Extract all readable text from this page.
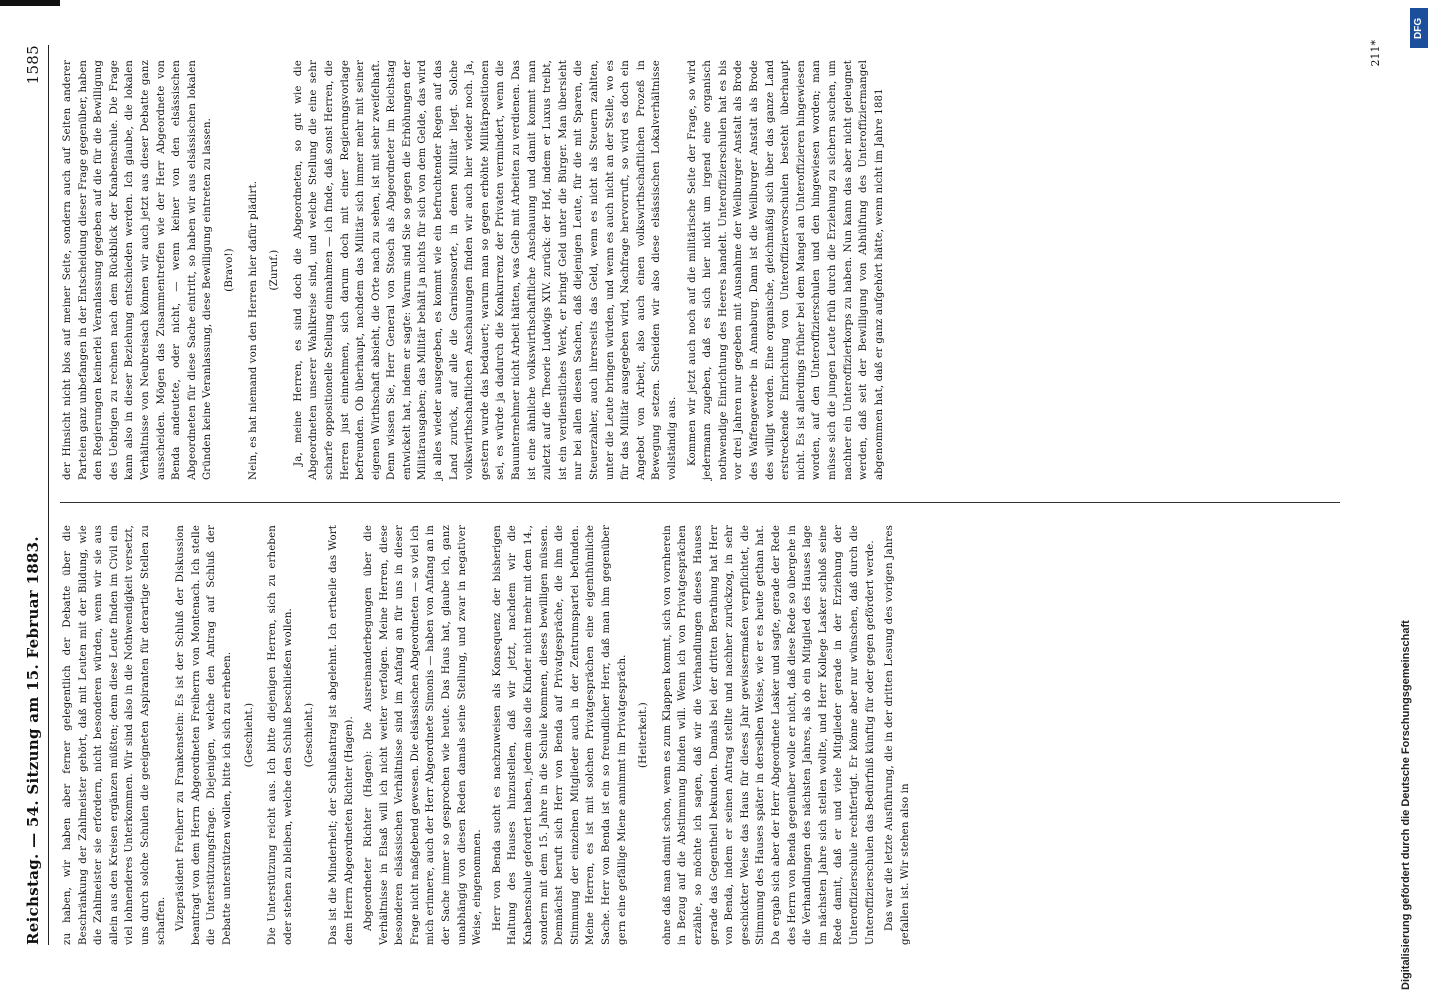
Reichstag. — 54. Sitzung am 15. Februar 1883.
1585

zu haben, wir haben aber ferner gelegentlich der Debatte über die Beschränkung der Zahlmeister gehört, daß mit Leuten mit der Bildung, wie die Zahlmeister sie erfordern, nicht besonderen würden, wenn wir sie aus allein aus den Kreisen ergänzen müßten; denn diese Leute finden im Civil ein viel lohnenderes Unterkommen. Wir sind also in die Nothwendigkeit versetzt, uns durch solche Schulen die geeigneten Aspiranten für derartige Stellen zu schaffen. Vizepräsident Freiherr zu Frankenstein: Es ist der Schluß der Diskussion beantragt von dem Herrn Abgeordneten Freiherrn von Montenach. Ich stelle die Unterstützungsfrage. Diejenigen, welche den Antrag auf Schluß der Debatte unterstützen wollen, bitte ich sich zu erheben. (Geschieht.) Die Unterstützung reicht aus. Ich bitte diejenigen Herren, sich zu erheben oder stehen zu bleiben, welche den Schluß beschließen wollen. (Geschieht.) Das ist die Minderheit; der Schlußantrag ist abgelehnt. Ich ertheile das Wort dem Herrn Abgeordneten Richter (Hagen). Abgeordneter Richter (Hagen): Die Ausreinanderbegungen über die Verhältnisse in Elsaß will ich nicht weiter verfolgen. Meine Herren, diese besonderen elsässischen Verhältnisse sind im Anfang an für uns in dieser Frage nicht maßgebend gewesen. Die elsässischen Abgeordneten — so viel ich mich erinnere, auch der Herr Abgeordnete Simonis — haben von Anfang an in der Sache immer so gesprochen wie heute. Das Haus hat, glaube ich, ganz unabhängig von diesen Reden damals seine Stellung, und zwar in negativer Weise, eingenommen. Herr von Benda sucht es nachzuweisen als Konsequenz der bisherigen Haltung des Hauses hinzustellen, daß wir jetzt, nachdem wir die Knabenschule gefordert haben, jedem also die Kinder nicht mehr mit dem 14., sondern mit dem 15. Jahre in die Schule kommen, dieses bewilligen müssen. Demnächst beruft sich Herr von Benda auf Privatgespräche, die ihm die Stimmung der einzelnen Mitglieder auch in der Zentrumspartei befunden. Meine Herren, es ist mit solchen Privatgesprächen eine eigenthümliche Sache. Herr von Benda ist ein so freundlicher Herr, daß man ihm gegenüber gern eine gefällige Miene annimmt im Privatgespräch. (Heiterkeit.) ohne daß man damit schon, wenn es zum Klappen kommt, sich von vornherein in Bezug auf die Abstimmung binden will. Wenn ich von Privatgesprächen erzähle, so möchte ich sagen, daß wir die Verhandlungen dieses Hauses gerade das Gegentheil bekunden. Damals bei der dritten Berathung hat Herr von Benda, indem er seinen Antrag stellte und nachher zurückzog, in sehr geschickter Weise das Haus für dieses Jahr gewissermaßen verpflichtet, die Stimmung des Hauses später in derselben Weise, wie er es heute gethan hat. Da ergab sich aber der Herr Abgeordnete Lasker und sagte, gerade der Rede des Herrn von Benda gegenüber wolle er nicht, daß diese Rede so übergehe in die Verhandlungen des nächsten Jahres, als ob ein Mitglied des Hauses lage im nächsten Jahre sich stellen wollte, und Herr Kollege Lasker schloß seine Rede damit, daß er und viele Mitglieder gerade in der Erziehung der Unteroffizierschule rechtfertigt. Er könne aber nur wünschen, daß durch die Unteroffizierschulen das Bedürfniß künftig für oder gegen gefördert werde. Das war die letzte Ausführung, die in der dritten Lesung des vorigen Jahres gefallen ist. Wir stehen also in

der Hinsicht nicht blos auf meiner Seite, sondern auch auf Seiten anderer Parteien ganz unbefangen in der Entscheidung dieser Frage gegenüber, haben den Regierungen keinerlei Veranlassung gegeben auf die für die Bewilligung des Uebrigen zu rechnen nach dem Rückblick der Knabenschule. Die Frage kann also in dieser Beziehung entschieden werden. Ich glaube, die lokalen Verhältnisse von Neubreisach können wir auch jetzt aus dieser Debatte ganz ausscheiden. Mögen das Zusammentreffen wie der Herr Abgeordnete von Benda andeutete, oder nicht, — wenn keiner von den elsässischen Abgeordneten für diese Sache eintritt, so haben wir aus elsässischen lokalen Gründen keine Veranlassung, diese Bewilligung eintreten zu lassen. (Bravo!) Nein, es hat niemand von den Herren hier dafür plädirt. (Zuruf.) Ja, meine Herren, es sind doch die Abgeordneten, so gut wie die Abgeordneten unserer Wahlkreise sind, und welche Stellung die eine sehr scharfe oppositionelle Stellung einnahmen — ich finde, daß sonst Herren, die Herren just einnehmen, sich darum doch mit einer Regierungsvorlage befreunden. Ob überhaupt, nachdem das Militär sich immer mehr mit seiner eigenen Wirthschaft absieht, die Orte nach zu sehen, ist mit sehr zweifelhaft. Denn wissen Sie, Herr General von Stosch als Abgeordneter im Reichstag entwickelt hat, indem er sagte: Warum sind Sie so gegen die Erhöhungen der Militärausgaben; das Militär behält ja nichts für sich von dem Gelde, das wird ja alles wieder ausgegeben, es kommt wie ein befruchtender Regen auf das Land zurück, auf alle die Garnisonsorte, in denen Militär liegt. Solche volkswirthschaftlichen Anschauungen finden wir auch hier wieder noch. Ja, gestern wurde das bedauert; warum man so gegen erhöhte Militärpositionen sei, es würde ja dadurch die Konkurrenz der Privaten vermindert, wenn die Bauunternehmer nicht Arbeit hätten, was Gelb mit Arbeiten zu verdienen. Das ist eine ähnliche volkswirthschaftliche Anschauung und damit kommt man zuletzt auf die Theorie Ludwigs XIV. zurück: der Hof, indem er Luxus treibt, ist ein verdienstliches Werk, er bringt Geld unter die Bürger. Man übersieht nur bei allen diesen Sachen, daß diejenigen Leute, für die mit Sparen, die Steuerzahler, auch ihrerseits das Geld, wenn es nicht als Steuern zahlten, unter die Leute bringen würden, und wenn es auch nicht an der Stelle, wo es für das Militär ausgegeben wird, Nachfrage hervorruft, so wird es doch ein Angebot von Arbeit, also auch einen volkswirthschaftlichen Prozeß in Bewegung setzen. Scheiden wir also diese elsässischen Lokalverhältnisse vollständig aus. Kommen wir jetzt auch noch auf die militärische Seite der Frage, so wird jedermann zugeben, daß es sich hier nicht um irgend eine organisch nothwendige Einrichtung des Heeres handelt. Unteroffizierschulen hat es bis vor drei Jahren nur gegeben mit Ausnahme der Weilburger Anstalt als Brode des Waffengewerbe in Annaburg. Dann ist die Weilburger Anstalt als Brode des willigt worden. Eine organische, gleichmäßig sich über das ganze Land erstreckende Einrichtung von Unteroffiziervorschulen besteht überhaupt nicht. Es ist allerdings früher bei dem Mangel an Unteroffizieren hingewiesen worden, auf den Unteroffizierschulen und den hingewiesen worden; man müsse sich die jungen Leute früh durch die Erziehung zu sichern suchen, um nachher ein Unteroffizierkorps zu haben. Nun kann das aber nicht geleugnet werden, daß seit der Bewilligung von Abhülfung des Unteroffiziermangel abgenommen hat, daß er ganz aufgehört hätte, wenn nicht im Jahre 1881

211*
DFG
Digitalisierung gefördert durch die Deutsche Forschungsgemeinschaft
